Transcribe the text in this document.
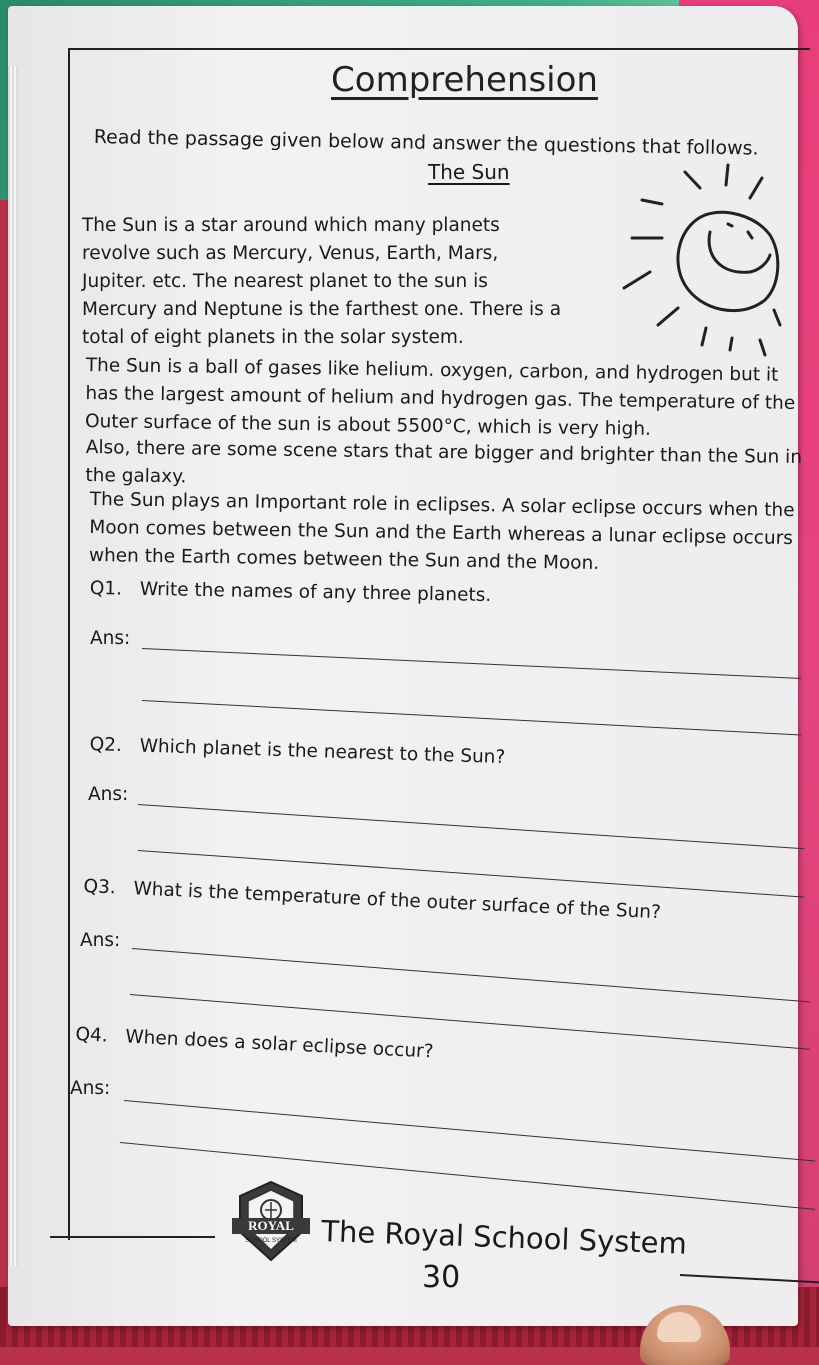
Comprehension
Read the passage given below and answer the questions that follows.
The Sun
The Sun is a star around which many planets revolve such as Mercury, Venus, Earth, Mars, Jupiter. etc. The nearest planet to the sun is Mercury and Neptune is the farthest one. There is a total of eight planets in the solar system.
The Sun is a ball of gases like helium. oxygen, carbon, and hydrogen but it has the largest amount of helium and hydrogen gas. The temperature of the Outer surface of the sun is about 5500°C, which is very high.
Also, there are some scene stars that are bigger and brighter than the Sun in the galaxy.
The Sun plays an Important role in eclipses. A solar eclipse occurs when the Moon comes between the Sun and the Earth whereas a lunar eclipse occurs when the Earth comes between the Sun and the Moon.
Q1. Write the names of any three planets.
Ans:
Q2. Which planet is the nearest to the Sun?
Ans:
Q3. What is the temperature of the outer surface of the Sun?
Ans:
Q4. When does a solar eclipse occur?
Ans:
ROYAL
SCHOOL SYSTEM The Royal School System
30
